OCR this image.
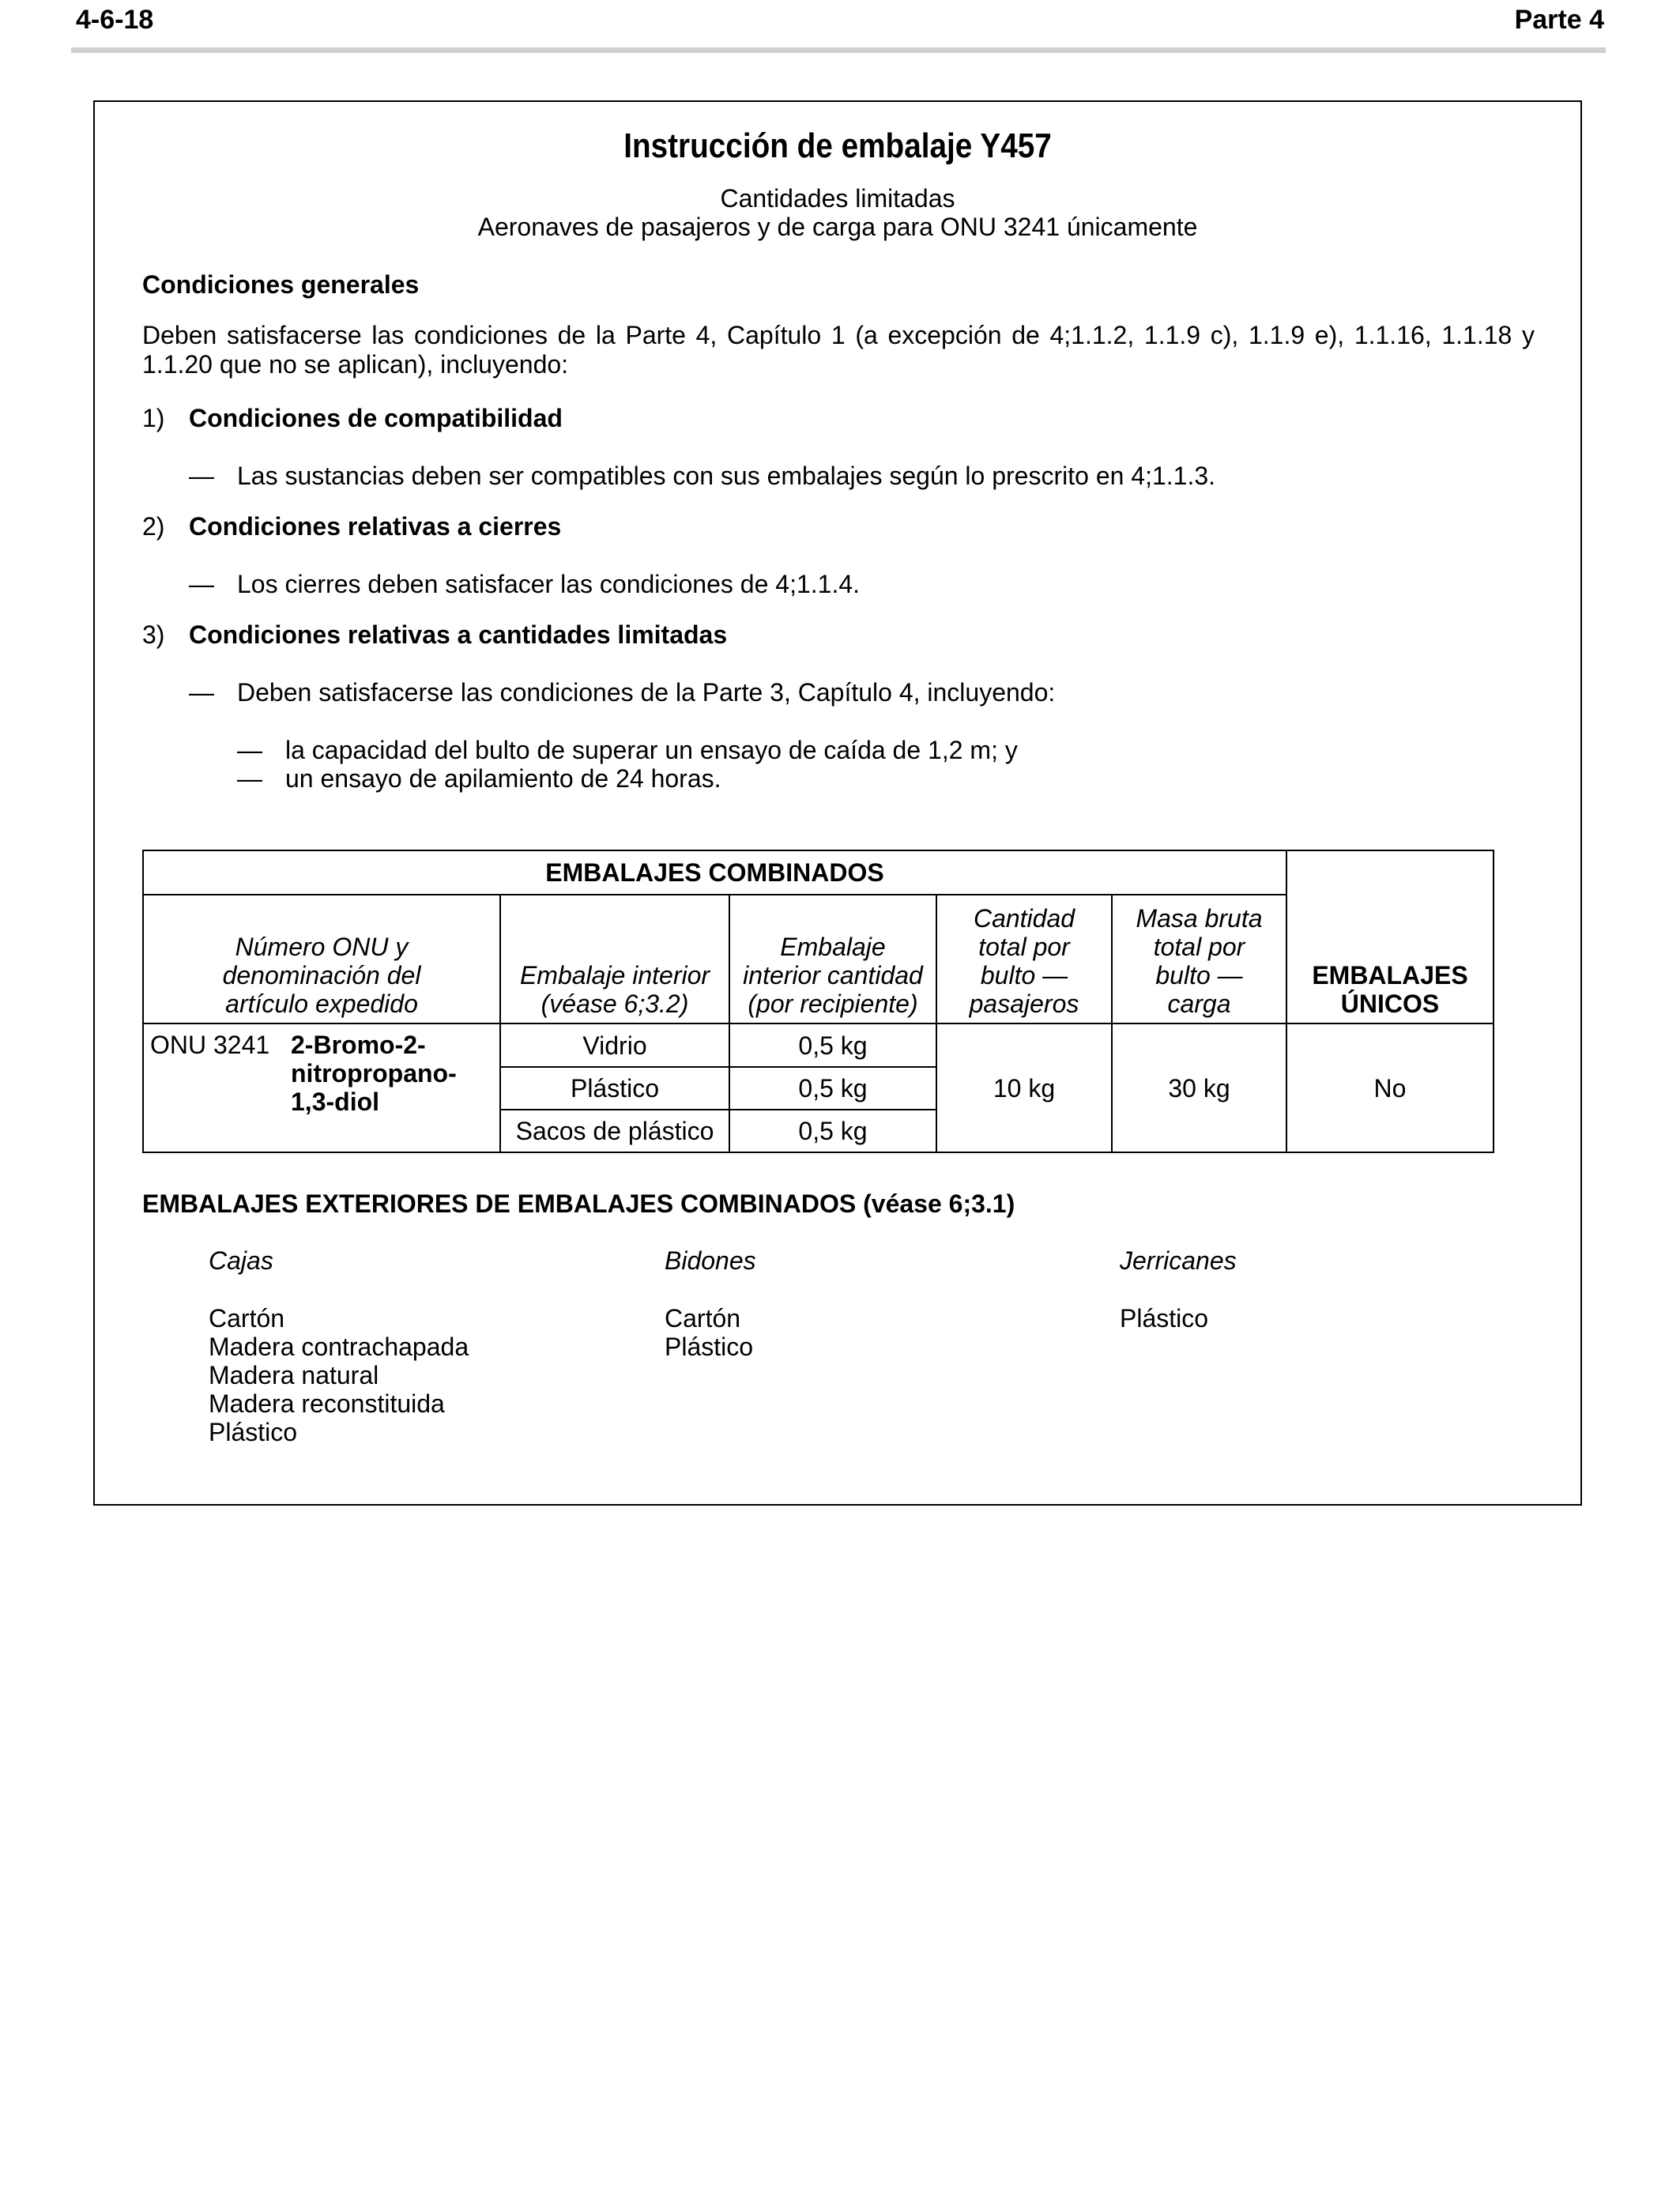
4-6-18	Parte 4
Instrucción de embalaje Y457
Cantidades limitadas
Aeronaves de pasajeros y de carga para ONU 3241 únicamente
Condiciones generales
Deben satisfacerse las condiciones de la Parte 4, Capítulo 1 (a excepción de 4;1.1.2, 1.1.9 c), 1.1.9 e), 1.1.16, 1.1.18 y 1.1.20 que no se aplican), incluyendo:
1) Condiciones de compatibilidad
— Las sustancias deben ser compatibles con sus embalajes según lo prescrito en 4;1.1.3.
2) Condiciones relativas a cierres
— Los cierres deben satisfacer las condiciones de 4;1.1.4.
3) Condiciones relativas a cantidades limitadas
— Deben satisfacerse las condiciones de la Parte 3, Capítulo 4, incluyendo:
— la capacidad del bulto de superar un ensayo de caída de 1,2 m; y
— un ensayo de apilamiento de 24 horas.
EMBALAJES COMBINADOS					EMBALAJES ÚNICOS
Número ONU y denominación del artículo expedido	Embalaje interior (véase 6;3.2)	Embalaje interior cantidad (por recipiente)	Cantidad total por bulto — pasajeros	Masa bruta total por bulto — carga	
ONU 3241 2-Bromo-2-nitropropano-1,3-diol	Vidrio	0,5 kg	10 kg	30 kg	No
	Plástico	0,5 kg			
	Sacos de plástico	0,5 kg			
EMBALAJES EXTERIORES DE EMBALAJES COMBINADOS (véase 6;3.1)
Cajas
Cartón
Madera contrachapada
Madera natural
Madera reconstituida
Plástico
Bidones
Cartón
Plástico
Jerricanes
Plástico
